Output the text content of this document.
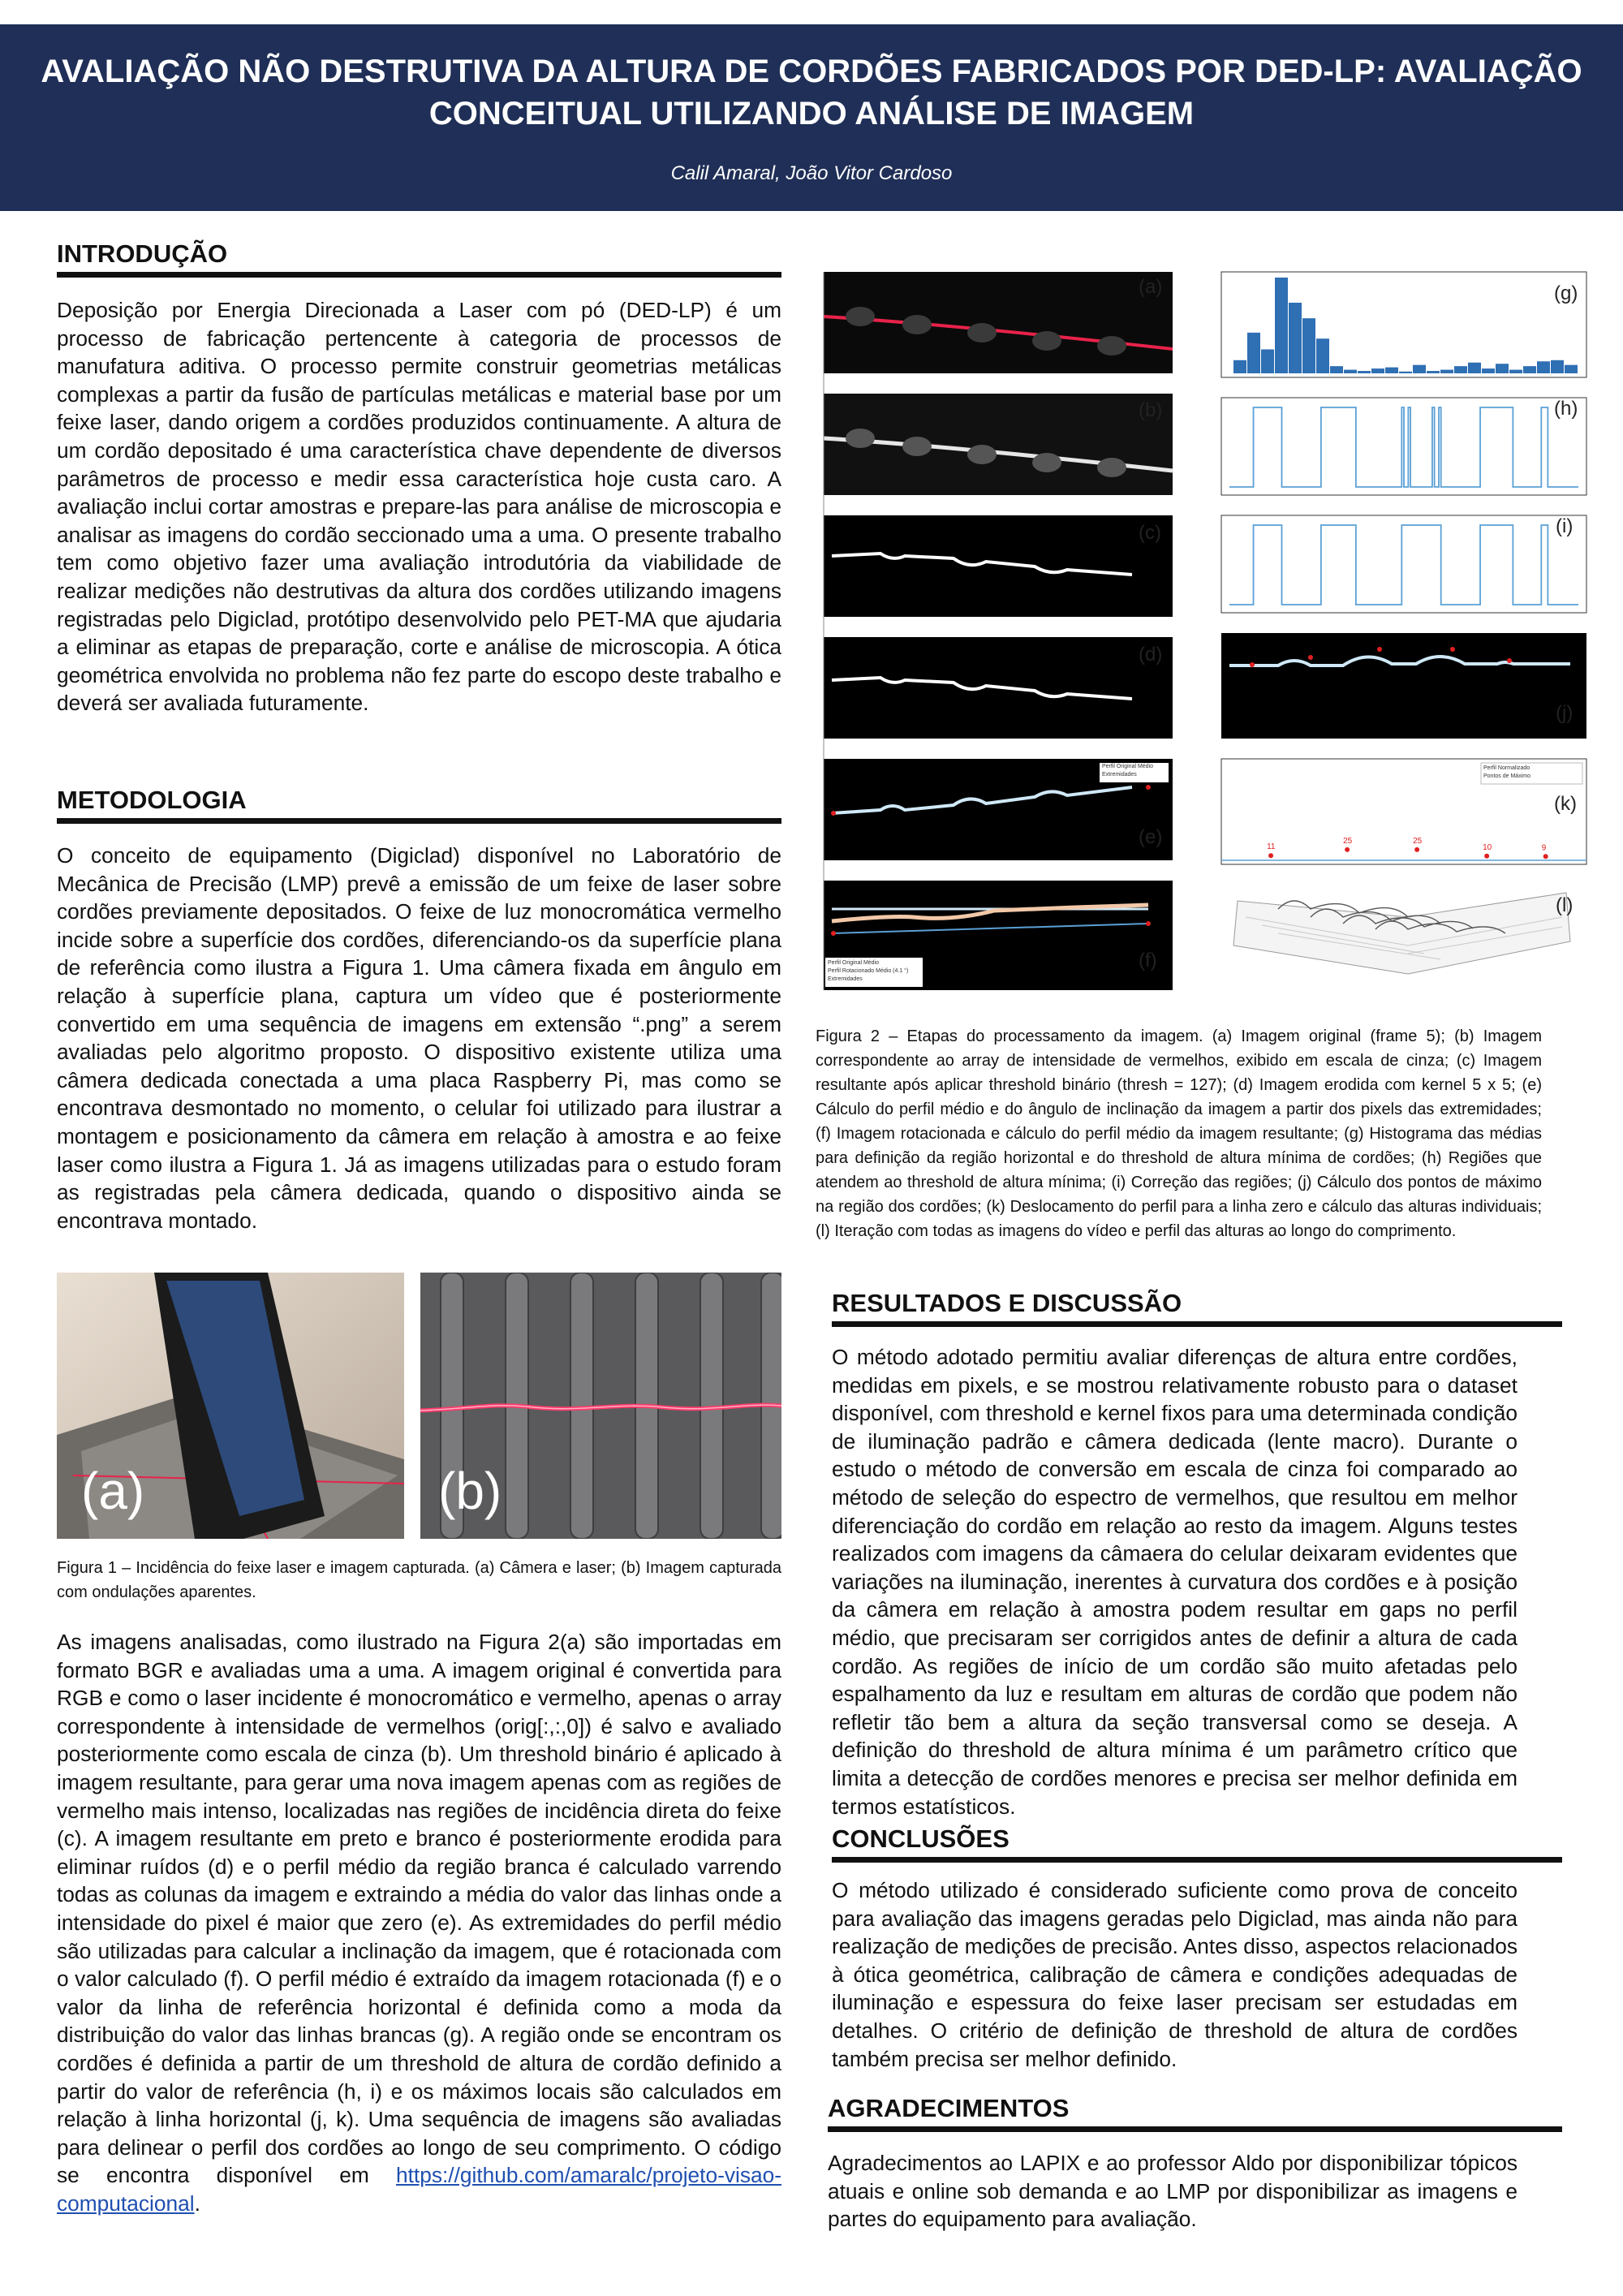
AVALIAÇÃO NÃO DESTRUTIVA DA ALTURA DE CORDÕES FABRICADOS POR DED-LP: AVALIAÇÃO CONCEITUAL UTILIZANDO ANÁLISE DE IMAGEM
Calil Amaral, João Vitor Cardoso
INTRODUÇÃO
Deposição por Energia Direcionada a Laser com pó (DED-LP) é um processo de fabricação pertencente à categoria de processos de manufatura aditiva. O processo permite construir geometrias metálicas complexas a partir da fusão de partículas metálicas e material base por um feixe laser, dando origem a cordões produzidos continuamente. A altura de um cordão depositado é uma característica chave dependente de diversos parâmetros de processo e medir essa característica hoje custa caro. A avaliação inclui cortar amostras e prepare-las para análise de microscopia e analisar as imagens do cordão seccionado uma a uma. O presente trabalho tem como objetivo fazer uma avaliação introdutória da viabilidade de realizar medições não destrutivas da altura dos cordões utilizando imagens registradas pelo Digiclad, protótipo desenvolvido pelo PET-MA que ajudaria a eliminar as etapas de preparação, corte e análise de microscopia. A ótica geométrica envolvida no problema não fez parte do escopo deste trabalho e deverá ser avaliada futuramente.
METODOLOGIA
O conceito de equipamento (Digiclad) disponível no Laboratório de Mecânica de Precisão (LMP) prevê a emissão de um feixe de laser sobre cordões previamente depositados. O feixe de luz monocromática vermelho incide sobre a superfície dos cordões, diferenciando-os da superfície plana de referência como ilustra a Figura 1. Uma câmera fixada em ângulo em relação à superfície plana, captura um vídeo que é posteriormente convertido em uma sequência de imagens em extensão “.png” a serem avaliadas pelo algoritmo proposto. O dispositivo existente utiliza uma câmera dedicada conectada a uma placa Raspberry Pi, mas como se encontrava desmontado no momento, o celular foi utilizado para ilustrar a montagem e posicionamento da câmera em relação à amostra e ao feixe laser como ilustra a Figura 1. Já as imagens utilizadas para o estudo foram as registradas pela câmera dedicada, quando o dispositivo ainda se encontrava montado.
(a)	(b)
Figura 1 – Incidência do feixe laser e imagem capturada. (a) Câmera e laser; (b) Imagem capturada com ondulações aparentes.
As imagens analisadas, como ilustrado na Figura 2(a) são importadas em formato BGR e avaliadas uma a uma. A imagem original é convertida para RGB e como o laser incidente é monocromático e vermelho, apenas o array correspondente à intensidade de vermelhos (orig[:,:,0]) é salvo e avaliado posteriormente como escala de cinza (b). Um threshold binário é aplicado à imagem resultante, para gerar uma nova imagem apenas com as regiões de vermelho mais intenso, localizadas nas regiões de incidência direta do feixe (c). A imagem resultante em preto e branco é posteriormente erodida para eliminar ruídos (d) e o perfil médio da região branca é calculado varrendo todas as colunas da imagem e extraindo a média do valor das linhas onde a intensidade do pixel é maior que zero (e). As extremidades do perfil médio são utilizadas para calcular a inclinação da imagem, que é rotacionada com o valor calculado (f). O perfil médio é extraído da imagem rotacionada (f) e o valor da linha de referência horizontal é definida como a moda da distribuição do valor das linhas brancas (g). A região onde se encontram os cordões é definida a partir de um threshold de altura de cordão definido a partir do valor de referência (h, i) e os máximos locais são calculados em relação à linha horizontal (j, k). Uma sequência de imagens são avaliadas para delinear o perfil dos cordões ao longo de seu comprimento. O código se encontra disponível em https://github.com/amaralc/projeto-visao-computacional.
11
25	25
10	9
(a)
(b)
(c)
(d)
(e)
(f)
(g)
(h)
(i)
(j)
(k)
(l)
Perfil Original Médio
Extremidades
Perfil Original Médio
Perfil Rotacionado Médio (4.1 °)
Extremidades
Perfil Normalizado
Pontos de Máximo
Figura 2 – Etapas do processamento da imagem. (a) Imagem original (frame 5); (b) Imagem correspondente ao array de intensidade de vermelhos, exibido em escala de cinza; (c) Imagem resultante após aplicar threshold binário (thresh = 127); (d) Imagem erodida com kernel 5 x 5; (e) Cálculo do perfil médio e do ângulo de inclinação da imagem a partir dos pixels das extremidades; (f) Imagem rotacionada e cálculo do perfil médio da imagem resultante; (g) Histograma das médias para definição da região horizontal e do threshold de altura mínima de cordões; (h) Regiões que atendem ao threshold de altura mínima; (i) Correção das regiões; (j) Cálculo dos pontos de máximo na região dos cordões; (k) Deslocamento do perfil para a linha zero e cálculo das alturas individuais; (l) Iteração com todas as imagens do vídeo e perfil das alturas ao longo do comprimento.
RESULTADOS E DISCUSSÃO
O método adotado permitiu avaliar diferenças de altura entre cordões, medidas em pixels, e se mostrou relativamente robusto para o dataset disponível, com threshold e kernel fixos para uma determinada condição de iluminação padrão e câmera dedicada (lente macro). Durante o estudo o método de conversão em escala de cinza foi comparado ao método de seleção do espectro de vermelhos, que resultou em melhor diferenciação do cordão em relação ao resto da imagem. Alguns testes realizados com imagens da câmaera do celular deixaram evidentes que variações na iluminação, inerentes à curvatura dos cordões e à posição da câmera em relação à amostra podem resultar em gaps no perfil médio, que precisaram ser corrigidos antes de definir a altura de cada cordão. As regiões de início de um cordão são muito afetadas pelo espalhamento da luz e resultam em alturas de cordão que podem não refletir tão bem a altura da seção transversal como se deseja. A definição do threshold de altura mínima é um parâmetro crítico que limita a detecção de cordões menores e precisa ser melhor definida em termos estatísticos.
CONCLUSÕES
O método utilizado é considerado suficiente como prova de conceito para avaliação das imagens geradas pelo Digiclad, mas ainda não para realização de medições de precisão. Antes disso, aspectos relacionados à ótica geométrica, calibração de câmera e condições adequadas de iluminação e espessura do feixe laser precisam ser estudadas em detalhes. O critério de definição de threshold de altura de cordões também precisa ser melhor definido.
AGRADECIMENTOS
Agradecimentos ao LAPIX e ao professor Aldo por disponibilizar tópicos atuais e online sob demanda e ao LMP por disponibilizar as imagens e partes do equipamento para avaliação.
